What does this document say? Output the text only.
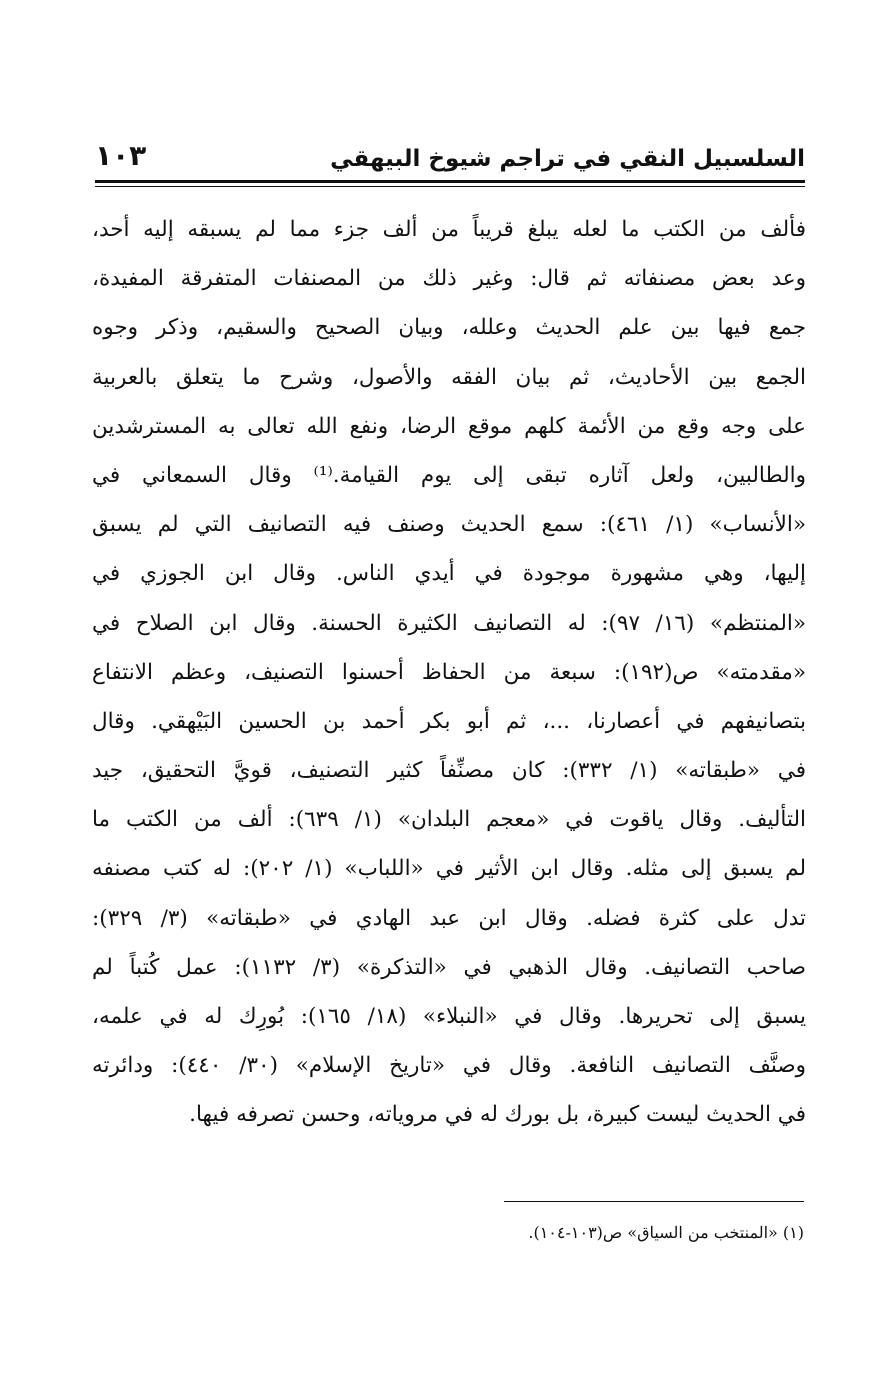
السلسبيل النقي في تراجم شيوخ البيهقي
١٠٣
فألف من الكتب ما لعله يبلغ قريباً من ألف جزء مما لم يسبقه إليه أحد،
وعد بعض مصنفاته ثم قال: وغير ذلك من المصنفات المتفرقة المفيدة،
جمع فيها بين علم الحديث وعلله، وبيان الصحيح والسقيم، وذكر وجوه
الجمع بين الأحاديث، ثم بيان الفقه والأصول، وشرح ما يتعلق بالعربية
على وجه وقع من الأئمة كلهم موقع الرضا، ونفع الله تعالى به المسترشدين
والطالبين، ولعل آثاره تبقى إلى يوم القيامة.⁽¹⁾ وقال السمعاني في
«الأنساب» (١/ ٤٦١): سمع الحديث وصنف فيه التصانيف التي لم يسبق
إليها، وهي مشهورة موجودة في أيدي الناس. وقال ابن الجوزي في
«المنتظم» (١٦/ ٩٧): له التصانيف الكثيرة الحسنة. وقال ابن الصلاح في
«مقدمته» ص(١٩٢): سبعة من الحفاظ أحسنوا التصنيف، وعظم الانتفاع
بتصانيفهم في أعصارنا، ...، ثم أبو بكر أحمد بن الحسين البَيْهقي. وقال
في «طبقاته» (١/ ٣٣٢): كان مصنِّفاً كثير التصنيف، قويَّ التحقيق، جيد
التأليف. وقال ياقوت في «معجم البلدان» (١/ ٦٣٩): ألف من الكتب ما
لم يسبق إلى مثله. وقال ابن الأثير في «اللباب» (١/ ٢٠٢): له كتب مصنفه
تدل على كثرة فضله. وقال ابن عبد الهادي في «طبقاته» (٣/ ٣٢٩):
صاحب التصانيف. وقال الذهبي في «التذكرة» (٣/ ١١٣٢): عمل كُتباً لم
يسبق إلى تحريرها. وقال في «النبلاء» (١٨/ ١٦٥): بُورِك له في علمه،
وصنَّف التصانيف النافعة. وقال في «تاريخ الإسلام» (٣٠/ ٤٤٠): ودائرته
في الحديث ليست كبيرة، بل بورك له في مروياته، وحسن تصرفه فيها.
(١) «المنتخب من السياق» ص(١٠٣-١٠٤).
